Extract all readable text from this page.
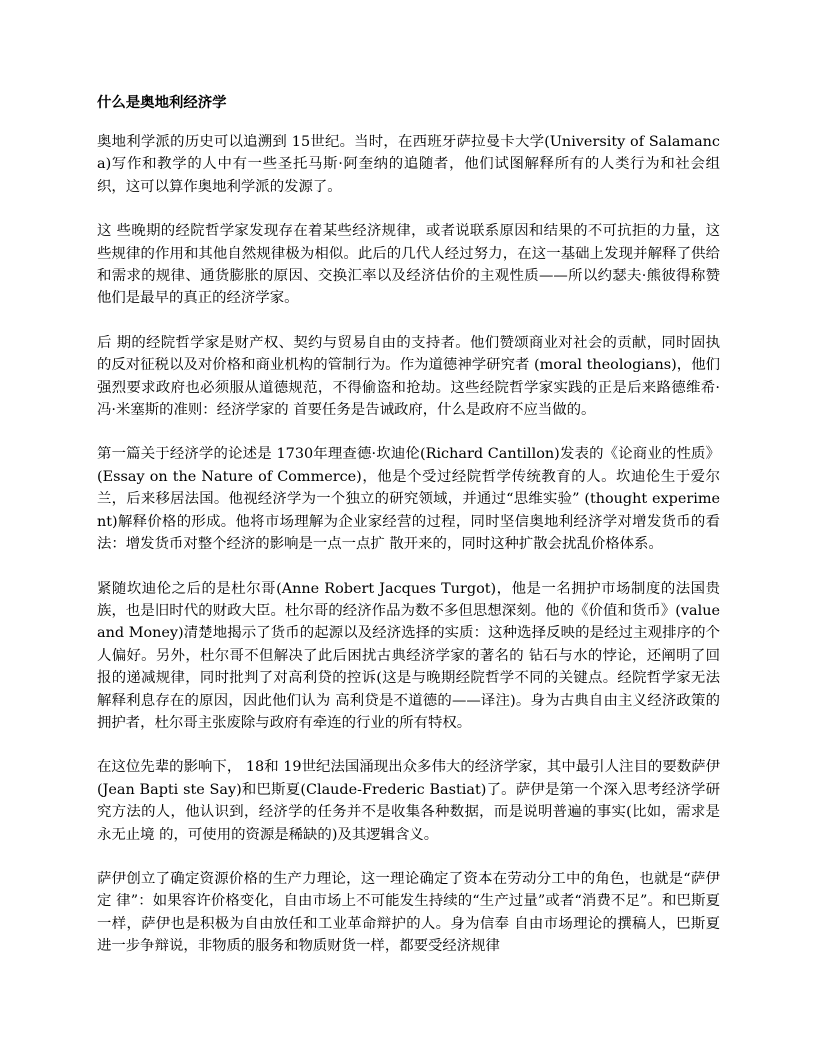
什么是奥地利经济学

奥地利学派的历史可以追溯到 15世纪。当时，在西班牙萨拉曼卡大学(University of Salamanca)写作和教学的人中有一些圣托马斯·阿奎纳的追随者，他们试图解释所有的人类行为和社会组织，这可以算作奥地利学派的发源了。

这 些晚期的经院哲学家发现存在着某些经济规律，或者说联系原因和结果的不可抗拒的力量，这些规律的作用和其他自然规律极为相似。此后的几代人经过努力，在这一基础上发现并解释了供给和需求的规律、通货膨胀的原因、交换汇率以及经济估价的主观性质——所以约瑟夫·熊彼得称赞他们是最早的真正的经济学家。

后 期的经院哲学家是财产权、契约与贸易自由的支持者。他们赞颂商业对社会的贡献，同时固执的反对征税以及对价格和商业机构的管制行为。作为道德神学研究者 (moral theologians)，他们强烈要求政府也必须服从道德规范，不得偷盗和抢劫。这些经院哲学家实践的正是后来路德维希·冯·米塞斯的准则：经济学家的 首要任务是告诫政府，什么是政府不应当做的。

第一篇关于经济学的论述是 1730年理查德·坎迪伦(Richard Cantillon)发表的《论商业的性质》(Essay on the Nature of Commerce)，他是个受过经院哲学传统教育的人。坎迪伦生于爱尔兰，后来移居法国。他视经济学为一个独立的研究领域，并通过“思维实验” (thought experiment)解释价格的形成。他将市场理解为企业家经营的过程，同时坚信奥地利经济学对增发货币的看法：增发货币对整个经济的影响是一点一点扩 散开来的，同时这种扩散会扰乱价格体系。

紧随坎迪伦之后的是杜尔哥(Anne Robert Jacques Turgot)，他是一名拥护市场制度的法国贵族，也是旧时代的财政大臣。杜尔哥的经济作品为数不多但思想深刻。他的《价值和货币》(value and Money)清楚地揭示了货币的起源以及经济选择的实质：这种选择反映的是经过主观排序的个人偏好。另外，杜尔哥不但解决了此后困扰古典经济学家的著名的 钻石与水的悖论，还阐明了回报的递减规律，同时批判了对高利贷的控诉(这是与晚期经院哲学不同的关键点。经院哲学家无法解释利息存在的原因，因此他们认为 高利贷是不道德的——译注)。身为古典自由主义经济政策的拥护者，杜尔哥主张废除与政府有牵连的行业的所有特权。

在这位先辈的影响下， 18和 19世纪法国涌现出众多伟大的经济学家，其中最引人注目的要数萨伊(Jean Bapti ste Say)和巴斯夏(Claude-Frederic Bastiat)了。萨伊是第一个深入思考经济学研究方法的人，他认识到，经济学的任务并不是收集各种数据，而是说明普遍的事实(比如，需求是永无止境 的，可使用的资源是稀缺的)及其逻辑含义。

萨伊创立了确定资源价格的生产力理论，这一理论确定了资本在劳动分工中的角色，也就是“萨伊定 律”：如果容许价格变化，自由市场上不可能发生持续的“生产过量”或者“消费不足”。和巴斯夏一样，萨伊也是积极为自由放任和工业革命辩护的人。身为信奉 自由市场理论的撰稿人，巴斯夏进一步争辩说，非物质的服务和物质财货一样，都要受经济规律
